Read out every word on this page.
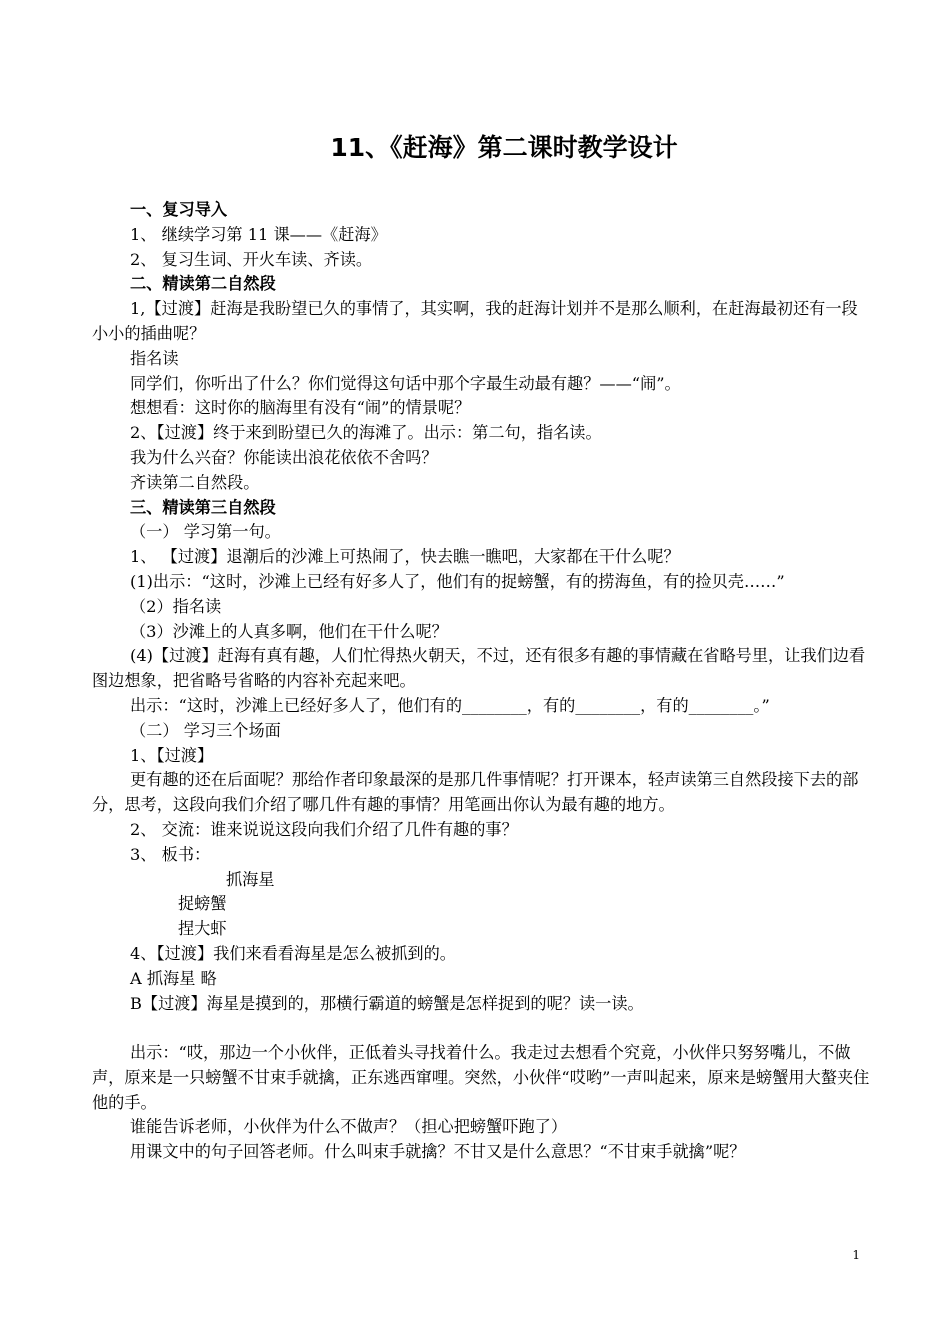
11、《赶海》第二课时教学设计

一、复习导入

1、 继续学习第 11 课——《赶海》

2、 复习生词、开火车读、齐读。

二、精读第二自然段

1,【过渡】赶海是我盼望已久的事情了，其实啊，我的赶海计划并不是那么顺利，在赶海最初还有一段小小的插曲呢？

指名读

同学们，你听出了什么？你们觉得这句话中那个字最生动最有趣？——“闹”。

想想看：这时你的脑海里有没有“闹”的情景呢？

2、【过渡】终于来到盼望已久的海滩了。出示：第二句，指名读。

我为什么兴奋？你能读出浪花依依不舍吗？

齐读第二自然段。

三、精读第三自然段

（一） 学习第一句。

1、 【过渡】退潮后的沙滩上可热闹了，快去瞧一瞧吧，大家都在干什么呢？

(1)出示：“这时，沙滩上已经有好多人了，他们有的捉螃蟹，有的捞海鱼，有的捡贝壳……”

（2）指名读

（3）沙滩上的人真多啊，他们在干什么呢？

(4)【过渡】赶海有真有趣，人们忙得热火朝天，不过，还有很多有趣的事情藏在省略号里，让我们边看图边想象，把省略号省略的内容补充起来吧。

出示：“这时，沙滩上已经好多人了，他们有的________，有的________，有的________。”

（二） 学习三个场面

1、【过渡】

更有趣的还在后面呢？那给作者印象最深的是那几件事情呢？打开课本，轻声读第三自然段接下去的部分，思考，这段向我们介绍了哪几件有趣的事情？用笔画出你认为最有趣的地方。

2、 交流：谁来说说这段向我们介绍了几件有趣的事？

3、 板书：

抓海星

捉螃蟹

捏大虾

4、【过渡】我们来看看海星是怎么被抓到的。

A 抓海星 略

B【过渡】海星是摸到的，那横行霸道的螃蟹是怎样捉到的呢？读一读。

出示：“哎，那边一个小伙伴，正低着头寻找着什么。我走过去想看个究竟，小伙伴只努努嘴儿，不做声，原来是一只螃蟹不甘束手就擒，正东逃西窜哩。突然，小伙伴“哎哟”一声叫起来，原来是螃蟹用大螯夹住他的手。

谁能告诉老师，小伙伴为什么不做声？（担心把螃蟹吓跑了）

用课文中的句子回答老师。什么叫束手就擒？不甘又是什么意思？“不甘束手就擒”呢？

1
